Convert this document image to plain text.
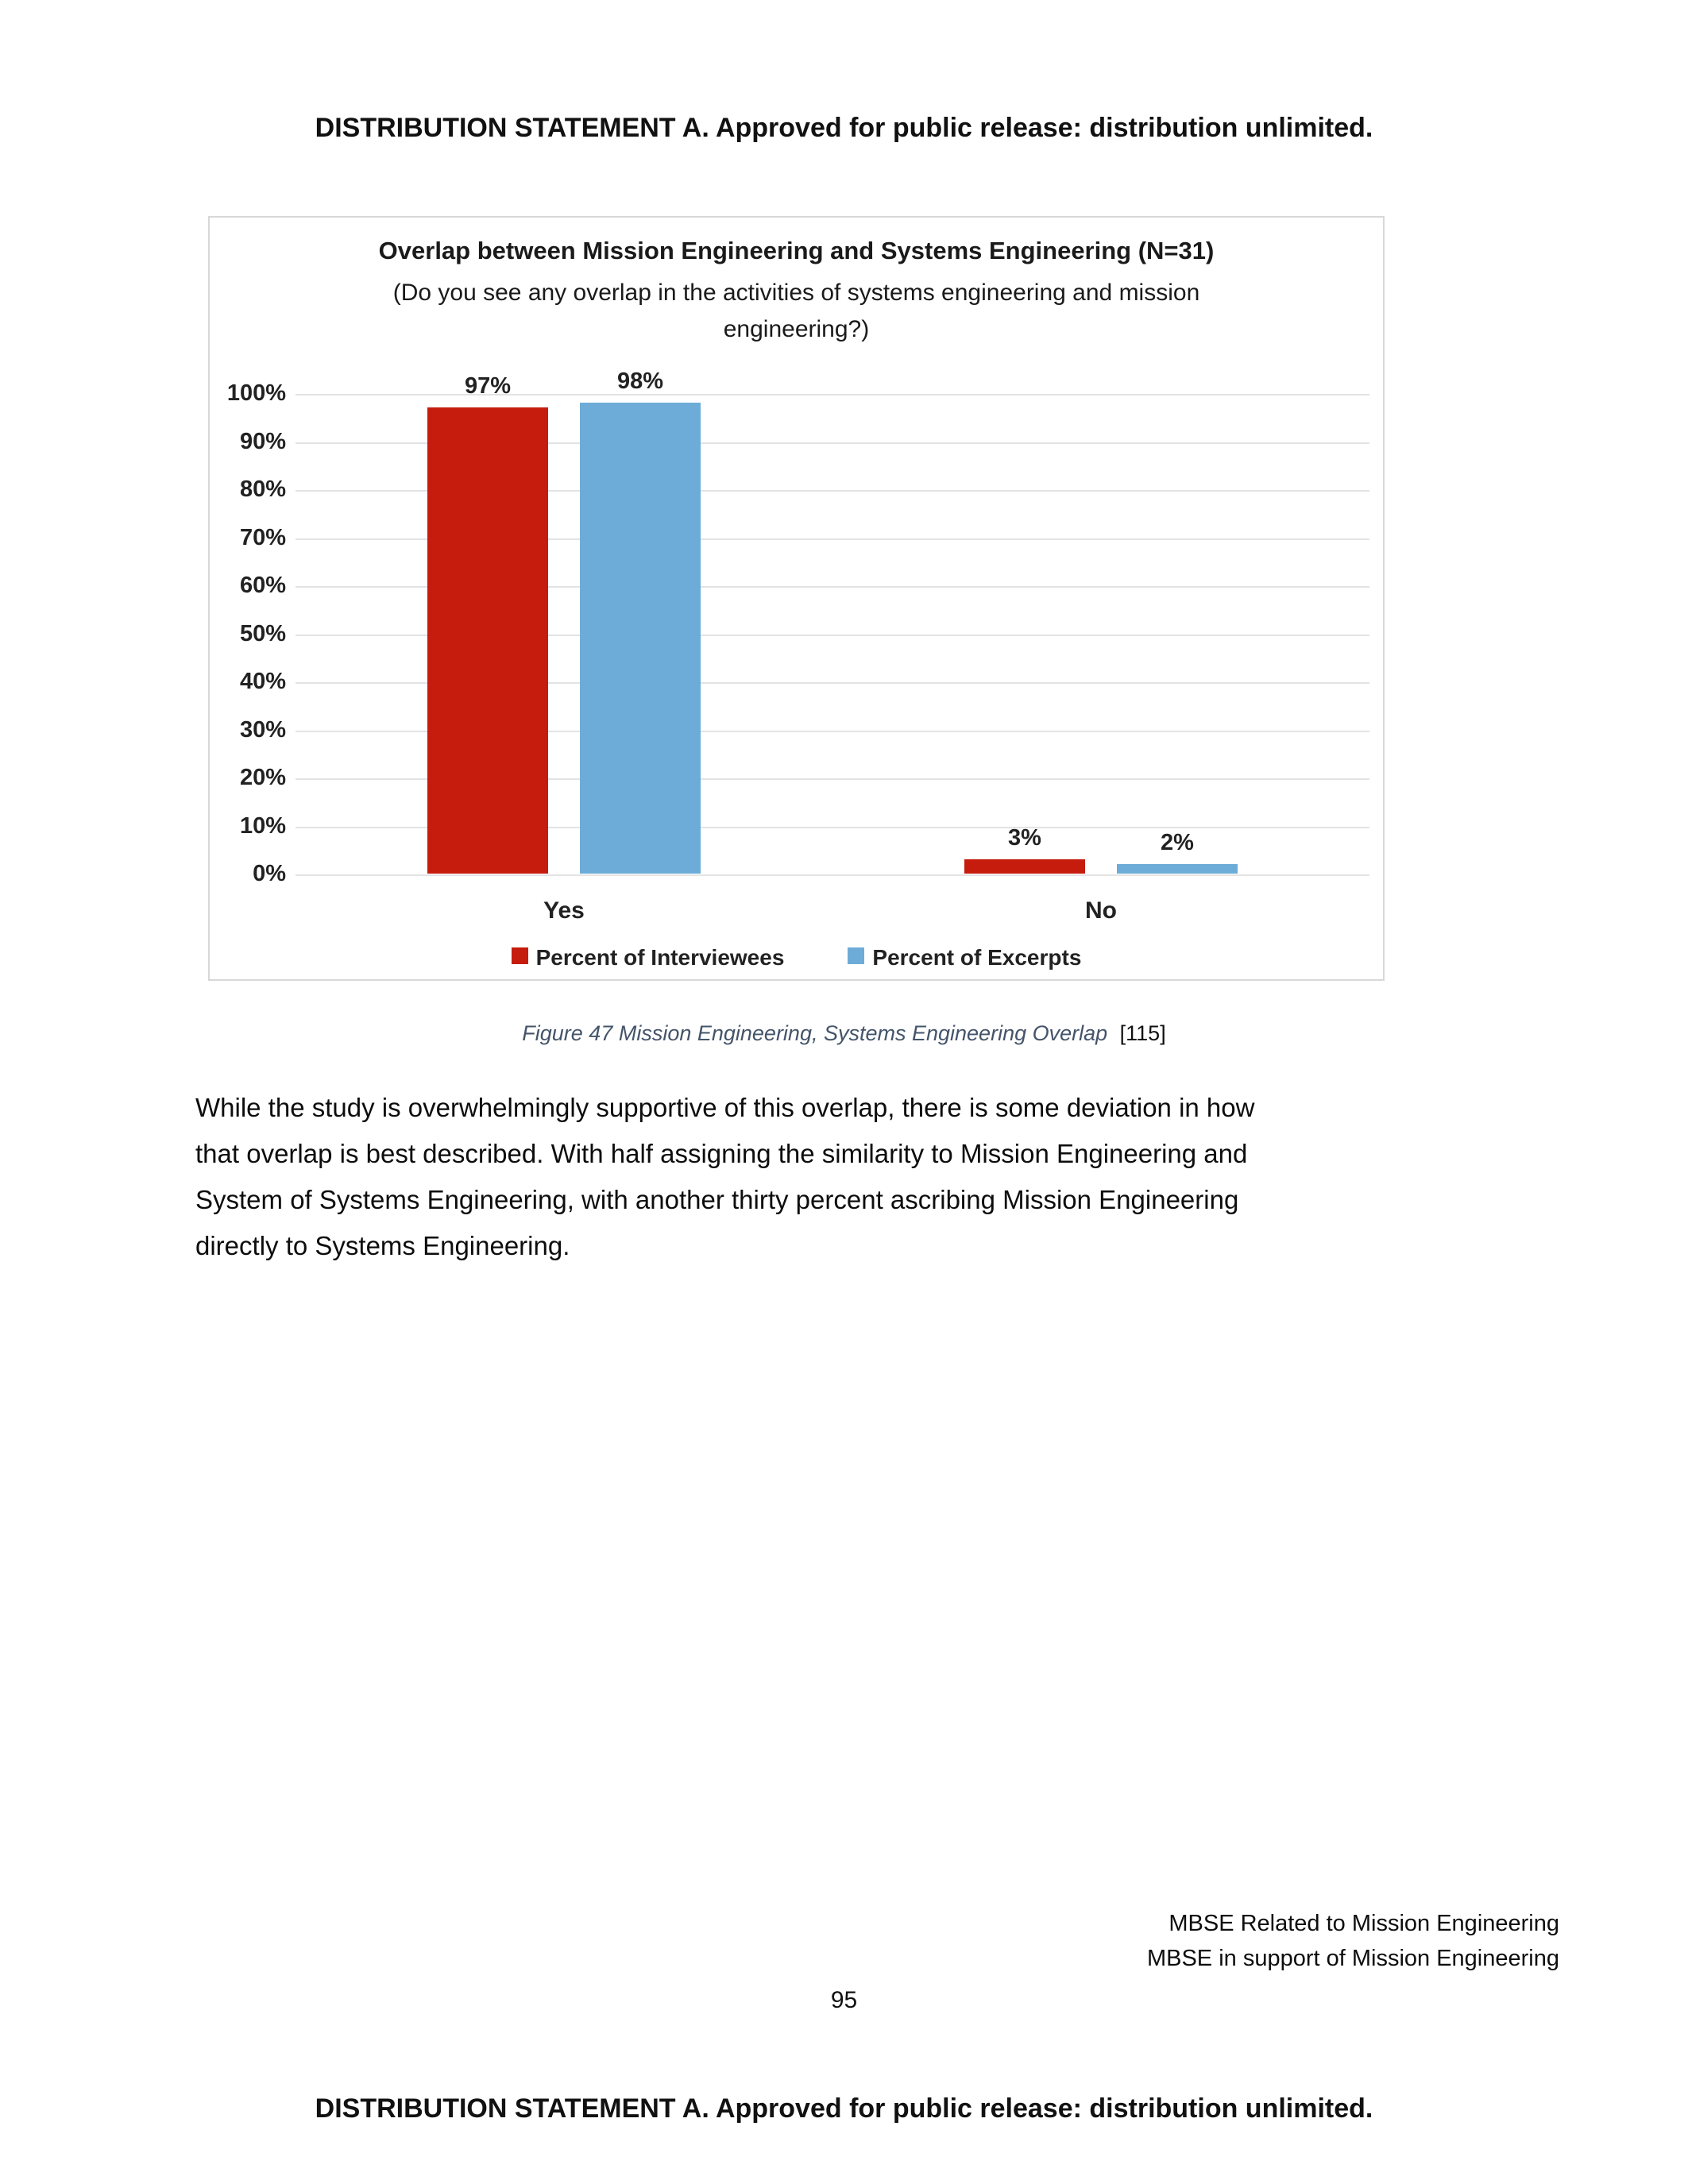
DISTRIBUTION STATEMENT A. Approved for public release: distribution unlimited.
Overlap between Mission Engineering and Systems Engineering (N=31)
(Do you see any overlap in the activities of systems engineering and mission
engineering?)
0%
10%
20%
30%
40%
50%
60%
70%
80%
90%
100%	97%	98%
Yes
3%	2%
No
Percent of Interviewees	Percent of Excerpts
Figure 47 Mission Engineering, Systems Engineering Overlap [115]
While the study is overwhelmingly supportive of this overlap, there is some deviation in how
that overlap is best described. With half assigning the similarity to Mission Engineering and
System of Systems Engineering, with another thirty percent ascribing Mission Engineering
directly to Systems Engineering.
MBSE Related to Mission Engineering
MBSE in support of Mission Engineering
95
DISTRIBUTION STATEMENT A. Approved for public release: distribution unlimited.
